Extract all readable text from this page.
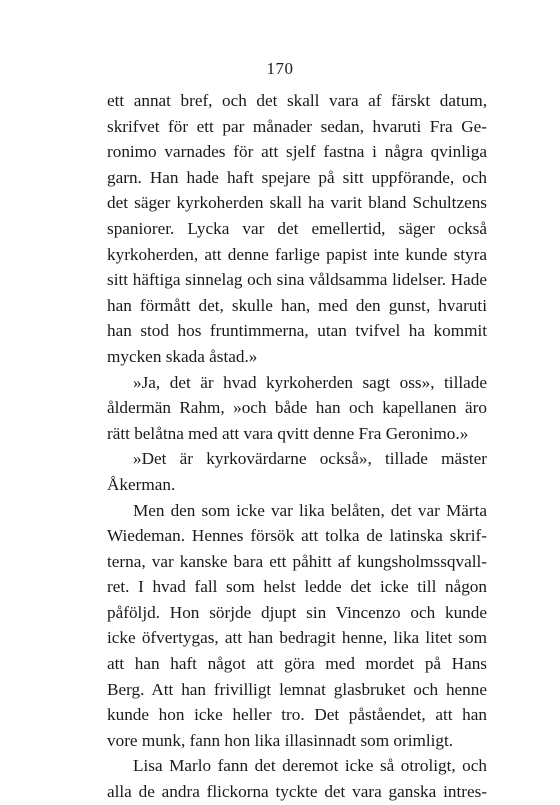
170
ett annat bref, och det skall vara af färskt datum,
skrifvet för ett par månader sedan, hvaruti Fra Ge-
ronimo varnades för att sjelf fastna i några qvinliga
garn. Han hade haft spejare på sitt uppförande, och
det säger kyrkoherden skall ha varit bland Schultzens
spaniorer. Lycka var det emellertid, säger också
kyrkoherden, att denne farlige papist inte kunde styra
sitt häftiga sinnelag och sina våldsamma lidelser. Hade
han förmått det, skulle han, med den gunst, hvaruti
han stod hos fruntimmerna, utan tvifvel ha kommit
mycken skada åstad.»
»Ja, det är hvad kyrkoherden sagt oss», tillade
åldermän Rahm, »och både han och kapellanen äro
rätt belåtna med att vara qvitt denne Fra Geronimo.»
»Det är kyrkovärdarne också», tillade mäster
Åkerman.
Men den som icke var lika belåten, det var Märta
Wiedeman. Hennes försök att tolka de latinska skrif-
terna, var kanske bara ett påhitt af kungsholmssqvall-
ret. I hvad fall som helst ledde det icke till någon
påföljd. Hon sörjde djupt sin Vincenzo och kunde
icke öfvertygas, att han bedragit henne, lika litet som
att han haft något att göra med mordet på Hans
Berg. Att han frivilligt lemnat glasbruket och henne
kunde hon icke heller tro. Det påståendet, att han
vore munk, fann hon lika illasinnadt som orimligt.
Lisa Marlo fann det deremot icke så otroligt, och
alla de andra flickorna tyckte det vara ganska intres-
